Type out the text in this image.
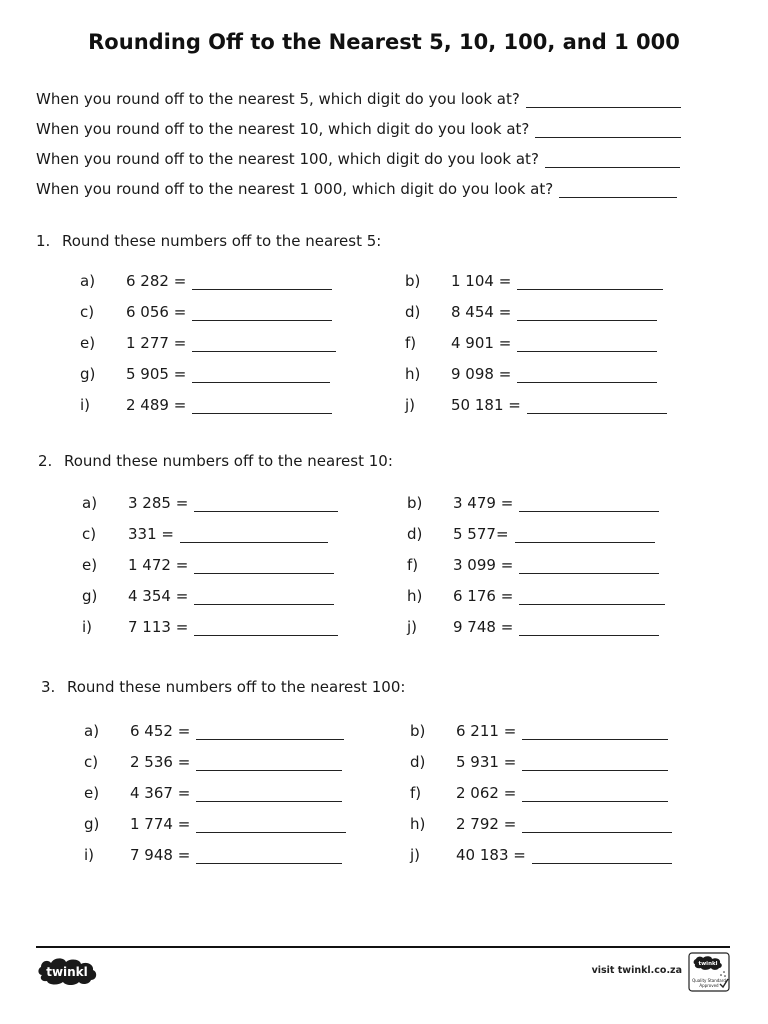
Rounding Off to the Nearest 5, 10, 100, and 1 000
When you round off to the nearest 5, which digit do you look at?
When you round off to the nearest 10, which digit do you look at?
When you round off to the nearest 100, which digit do you look at?
When you round off to the nearest 1 000, which digit do you look at?
1. Round these numbers off to the nearest 5:
a)	6 282 =	b)	1 104 =
c)	6 056 =	d)	8 454 =
e)	1 277 =	f)	4 901 =
g)	5 905 =	h)	9 098 =
i)	2 489 =	j)	50 181 =
2. Round these numbers off to the nearest 10:
a)	3 285 =	b)	3 479 =
c)	331 =	d)	5 577=
e)	1 472 =	f)	3 099 =
g)	4 354 =	h)	6 176 =
i)	7 113 =	j)	9 748 =
3. Round these numbers off to the nearest 100:
a)	6 452 =	b)	6 211 =
c)	2 536 =	d)	5 931 =
e)	4 367 =	f)	2 062 =
g)	1 774 =	h)	2 792 =
i)	7 948 =	j)	40 183 =
twinkl	visit twinkl.co.za
twinkl
Quality Standard Approved
